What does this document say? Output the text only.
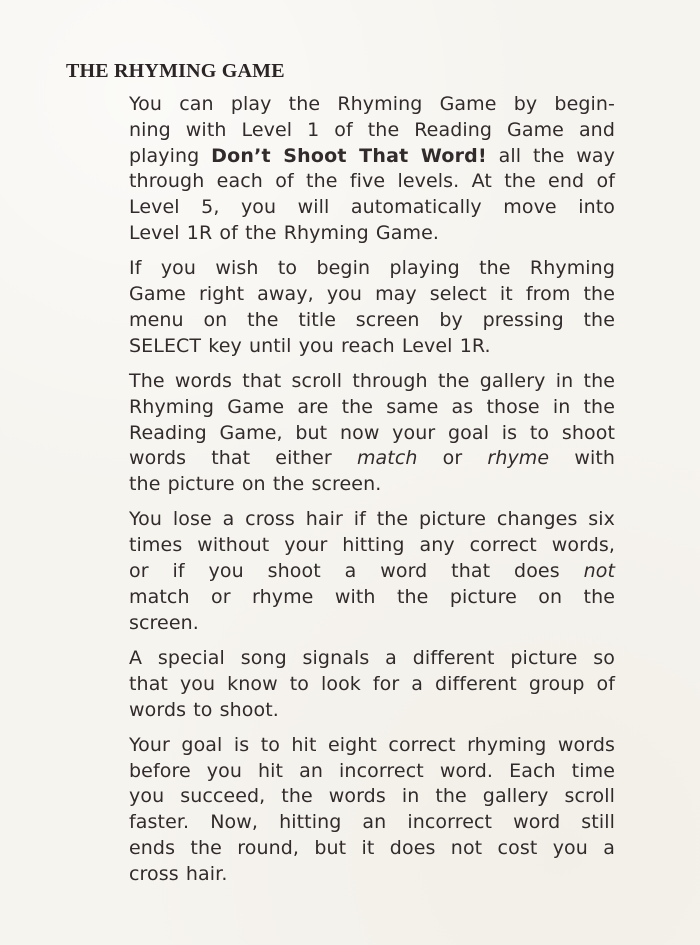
THE RHYMING GAME

You can play the Rhyming Game by begin-
ning with Level 1 of the Reading Game and
playing Don’t Shoot That Word! all the way
through each of the five levels. At the end of
Level 5, you will automatically move into
Level 1R of the Rhyming Game.

If you wish to begin playing the Rhyming
Game right away, you may select it from the
menu on the title screen by pressing the
SELECT key until you reach Level 1R.

The words that scroll through the gallery in the
Rhyming Game are the same as those in the
Reading Game, but now your goal is to shoot
words that either match or rhyme with
the picture on the screen.

You lose a cross hair if the picture changes six
times without your hitting any correct words,
or if you shoot a word that does not
match or rhyme with the picture on the
screen.

A special song signals a different picture so
that you know to look for a different group of
words to shoot.

Your goal is to hit eight correct rhyming words
before you hit an incorrect word. Each time
you succeed, the words in the gallery scroll
faster. Now, hitting an incorrect word still
ends the round, but it does not cost you a
cross hair.
